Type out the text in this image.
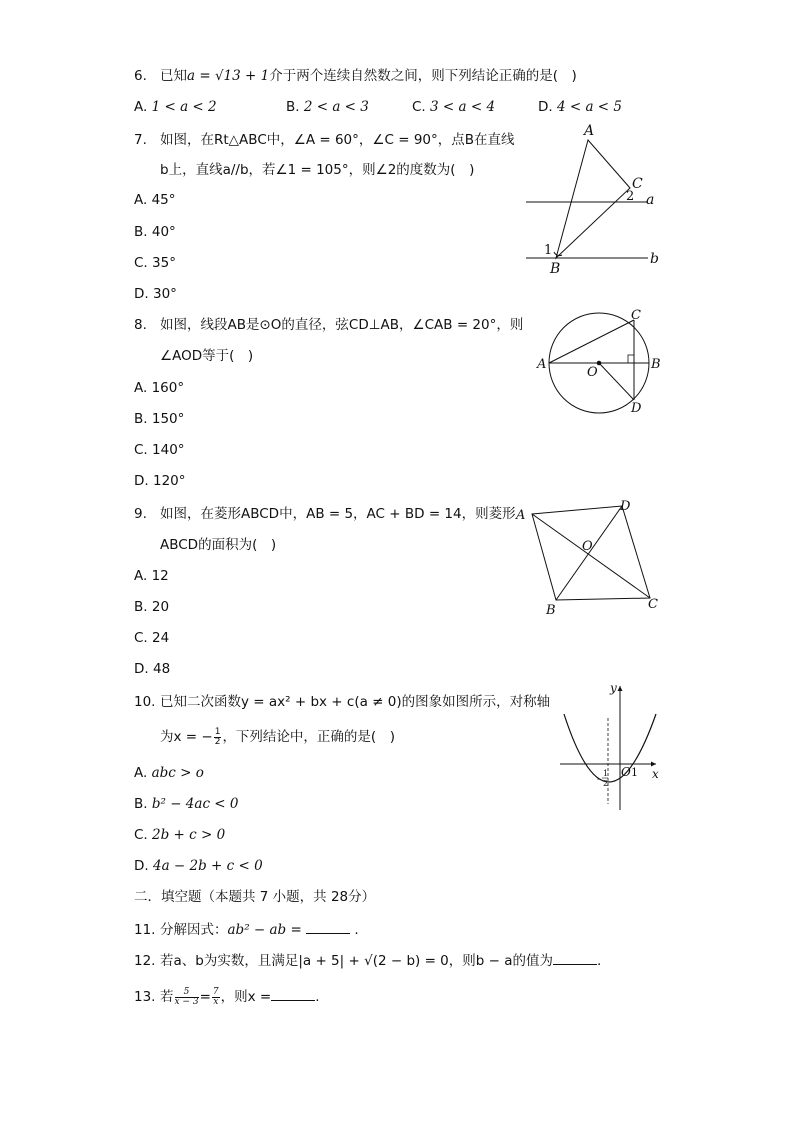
6. 已知a = √13 + 1介于两个连续自然数之间，则下列结论正确的是(　)
A. 1 < a < 2	B. 2 < a < 3	C. 3 < a < 4	D. 4 < a < 5
7. 如图，在Rt△ABC中，∠A = 60°，∠C = 90°，点B在直线
b上，直线a//b，若∠1 = 105°，则∠2的度数为(　)
A. 45°
B. 40°
C. 35°
D. 30°
A
C
B
a
b
1
2
8. 如图，线段AB是⊙O的直径，弦CD⊥AB，∠CAB = 20°，则
∠AOD等于(　)
A. 160°
B. 150°
C. 140°
D. 120°
A	B
C
D
O
9. 如图，在菱形ABCD中，AB = 5，AC + BD = 14，则菱形
ABCD的面积为(　)
A. 12
B. 20
C. 24
D. 48
A
D
C
B
O
10. 已知二次函数y = ax² + bx + c(a ≠ 0)的图象如图所示，对称轴
为x = − $\frac{1}{2}$ ，下列结论中，正确的是(　)
A. abc > o
B. b² − 4ac < 0
C. 2b + c > 0
D. 4a − 2b + c < 0
y
x
O 1
-
1
2
二．填空题（本题共 7 小题，共 28分）
11. 分解因式：ab² − ab =	.
12. 若a、b为实数，且满足|a + 5| + √(2 − b) = 0，则b − a的值为	.
13. 若 $\frac{5}{x - 3} = \frac{7}{x}$ ，则x =	.
